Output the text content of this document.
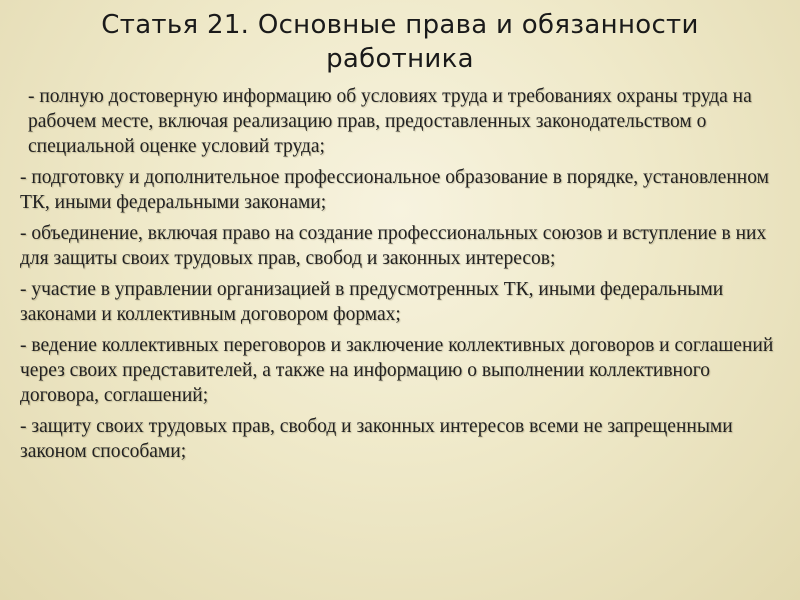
Статья 21. Основные права и обязанности
работника
- полную достоверную информацию об условиях труда и требованиях охраны труда на рабочем месте, включая реализацию прав, предоставленных законодательством о специальной оценке условий труда;
- подготовку и дополнительное профессиональное образование в порядке, установленном ТК, иными федеральными законами;
- объединение, включая право на создание профессиональных союзов и вступление в них для защиты своих трудовых прав, свобод и законных интересов;
- участие в управлении организацией в предусмотренных ТК, иными федеральными законами и коллективным договором формах;
- ведение коллективных переговоров и заключение коллективных договоров и соглашений через своих представителей, а также на информацию о выполнении коллективного договора, соглашений;
- защиту своих трудовых прав, свобод и законных интересов всеми не запрещенными законом способами;
